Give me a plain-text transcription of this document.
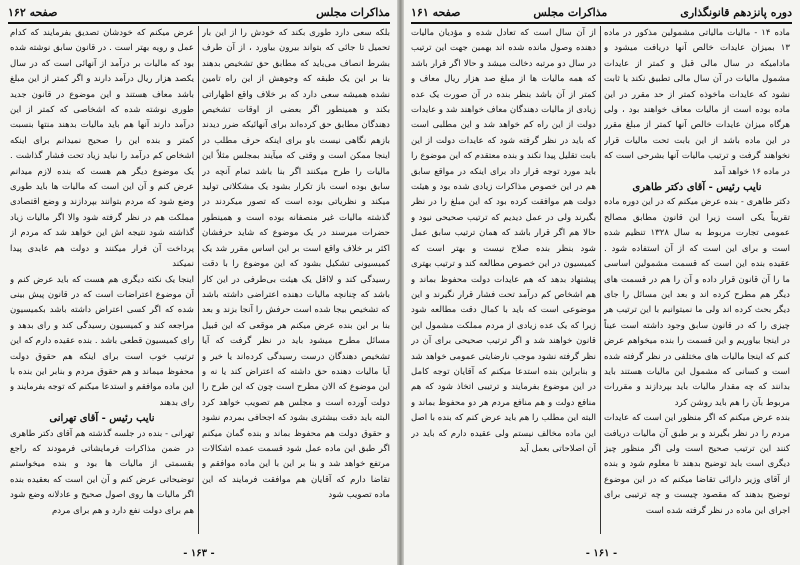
مذاکرات مجلس
صفحه ۱۶۲

بلکه سعی دارد طوری بکند که خودش را از این بار تحمیل تا جائی که بتواند بیرون بیاورد ، از آن طرف بشرط انصاف می‌باید که مطابق حق تشخیص بدهند بنا بر این یک طبقه که وجوهش از این راه تامین نشده همیشه سعی دارد که بر خلاف واقع اظهاراتی بکند و همینطور اگر بعضی از اوقات تشخیص دهندگان مطابق حق کرده‌اند برای آنهائیکه ضرر دیدند بازهم نگاهی نیست باو برای اینکه حرف مطلب در اینجا ممکن است و وقتی که میآیند بمجلس مثلاً این مالیات را طرح میکنند اگر بنا باشد تمام آنچه در سابق بوده است باز تکرار بشود یک مشکلاتی تولید میکند و نظریاتی بوده است که تصور میکردند در گذشته مالیات غیر منصفانه بوده است و همینطور حضرات میرسند در یک موضوع که شاید حرفشان اکثر بر خلاف واقع است بر این اساس مقرر شد یک کمیسیونی تشکیل بشود که این موضوع را با دقت رسیدگی کند و لااقل یک هیئت بی‌طرفی در این کار باشد که چنانچه مالیات دهنده اعتراضی داشته باشد که تشخیص بیجا شده است حرفش را آنجا بزند و بعد بنا بر این بنده عرض میکنم هر موقعی که این قبیل مسائل مطرح میشود باید در نظر گرفت که آیا تشخیص دهندگان درست رسیدگی کرده‌اند یا خیر و آیا مالیات دهنده حق داشته که اعتراض کند یا نه و این موضوع که الان مطرح است چون که این طرح را دولت آورده است و مجلس هم تصویب خواهد کرد البته باید دقت بیشتری بشود که اجحافی بمردم نشود و حقوق دولت هم محفوظ بماند و بنده گمان میکنم اگر طبق این ماده عمل شود قسمت عمده اشکالات مرتفع خواهد شد و بنا بر این با این ماده موافقم و تقاضا دارم که آقایان هم موافقت فرمایند که این ماده تصویب شود

عرض میکنم که خودشان تصدیق بفرمایند که کدام عمل و رویه بهتر است . در قانون سابق نوشته شده بود که مالیات بر درآمد از آنهائی است که در سال یکصد هزار ریال درآمد دارند و اگر کمتر از این مبلغ باشد معاف هستند و این موضوع در قانون جدید طوری نوشته شده که اشخاصی که کمتر از این درآمد دارند آنها هم باید مالیات بدهند منتها بنسبت کمتر و بنده این را صحیح نمیدانم برای اینکه اشخاص کم درآمد را نباید زیاد تحت فشار گذاشت . یک موضوع دیگر هم هست که بنده لازم میدانم عرض کنم و آن این است که مالیات ها باید طوری وضع شود که مردم بتوانند بپردازند و وضع اقتصادی مملکت هم در نظر گرفته شود والا اگر مالیات زیاد گذاشته شود نتیجه اش این خواهد شد که مردم از پرداخت آن فرار میکنند و دولت هم عایدی پیدا نمیکند

اینجا یک نکته دیگری هم هست که باید عرض کنم و آن موضوع اعتراضات است که در قانون پیش بینی شده که اگر کسی اعتراض داشته باشد بکمیسیون مراجعه کند و کمیسیون رسیدگی کند و رای بدهد و رای کمیسیون قطعی باشد . بنده عقیده دارم که این ترتیب خوب است برای اینکه هم حقوق دولت محفوظ میماند و هم حقوق مردم و بنابر این بنده با این ماده موافقم و استدعا میکنم که توجه بفرمایند و رای بدهند

نایب رئیس - آقای تهرانی

تهرانی - بنده در جلسه گذشته هم آقای دکتر طاهری در ضمن مذاکرات فرمایشاتی فرمودند که راجع بقسمتی از مالیات ها بود و بنده میخواستم توضیحاتی عرض کنم و آن این است که بعقیده بنده اگر مالیات ها روی اصول صحیح و عادلانه وضع شود هم برای دولت نفع دارد و هم برای مردم

- ۱۶۳ -
دوره پانزدهم قانونگذاری
مذاکرات مجلس
صفحه ۱۶۱

ماده ۱۴ - مالیات مالیاتی مشمولین مذکور در ماده ۱۳ بمیزان عایدات خالص آنها دریافت میشود و مادامیکه در سال مالی قبل و کمتر از عایدات مشمول مالیات در آن سال مالی تطبیق نکند یا ثابت نشود که عایدات ماخوذه کمتر از حد مقرر در این ماده بوده است از مالیات معاف خواهند بود ، ولی هرگاه میزان عایدات خالص آنها کمتر از مبلغ مقرر در این ماده باشد از این بابت تحت مالیات قرار نخواهند گرفت و ترتیب مالیات آنها بشرحی است که در ماده ۱۶ خواهد آمد

نایب رئیس - آقای دکتر طاهری

دکتر طاهری - بنده عرض میکنم که در این دوره ماده تقریباً یکی است زیرا این قانون مطابق مصالح عمومی تجارت مربوط به سال ۱۳۲۸ تنظیم شده است و برای این است که از آن استفاده شود . عقیده بنده این است که قسمت مشمولین اساسی ما را آن قانون قرار داده و آن را هم در قسمت های دیگر هم مطرح کرده اند و بعد این مسائل را جای دیگر بحث کرده اند ولی ما نمیتوانیم با این ترتیب هر چیزی را که در قانون سابق وجود داشته است عیناً در اینجا بیاوریم و این قسمت را بنده میخواهم عرض کنم که اینجا مالیات های مختلفی در نظر گرفته شده است و کسانی که مشمول این مالیات هستند باید بدانند که چه مقدار مالیات باید بپردازند و مقررات مربوط بآن را هم باید روشن کرد

بنده عرض میکنم که اگر منظور این است که عایدات مردم را در نظر بگیرند و بر طبق آن مالیات دریافت کنند این ترتیب صحیح است ولی اگر منظور چیز دیگری است باید توضیح بدهند تا معلوم شود و بنده از آقای وزیر دارائی تقاضا میکنم که در این موضوع توضیح بدهند که مقصود چیست و چه ترتیبی برای اجرای این ماده در نظر گرفته شده است

از آن سال است که تعادل شده و مؤدیان مالیات دهنده وصول مانده شده اند بهمین جهت این ترتیب در سال دو مرتبه دخالت میشد و حالا اگر قرار باشد که همه مالیات ها از مبلغ صد هزار ریال معاف و کمتر از آن باشد بنظر بنده در آن صورت یک عده زیادی از مالیات دهندگان معاف خواهند شد و عایدات دولت از این راه کم خواهد شد و این مطلبی است که باید در نظر گرفته شود که عایدات دولت از این بابت تقلیل پیدا نکند و بنده معتقدم که این موضوع را باید مورد توجه قرار داد برای اینکه در مواقع سابق هم در این خصوص مذاکرات زیادی شده بود و هیئت دولت هم موافقت کرده بود که این مبلغ را در نظر بگیرند ولی در عمل دیدیم که ترتیب صحیحی نبود و حالا هم اگر قرار باشد که همان ترتیب سابق عمل شود بنظر بنده صلاح نیست و بهتر است که کمیسیون در این خصوص مطالعه کند و ترتیب بهتری پیشنهاد بدهد که هم عایدات دولت محفوظ بماند و هم اشخاص کم درآمد تحت فشار قرار نگیرند و این موضوعی است که باید با کمال دقت مطالعه شود زیرا که یک عده زیادی از مردم مملکت مشمول این قانون خواهند شد و اگر ترتیب صحیحی برای آن در نظر گرفته نشود موجب نارضایتی عمومی خواهد شد و بنابراین بنده استدعا میکنم که آقایان توجه کامل در این موضوع بفرمایند و ترتیبی اتخاذ شود که هم منافع دولت و هم منافع مردم هر دو محفوظ بماند و البته این مطلب را هم باید عرض کنم که بنده با اصل این ماده مخالف نیستم ولی عقیده دارم که باید در آن اصلاحاتی بعمل آید

- ۱۶۱ -
